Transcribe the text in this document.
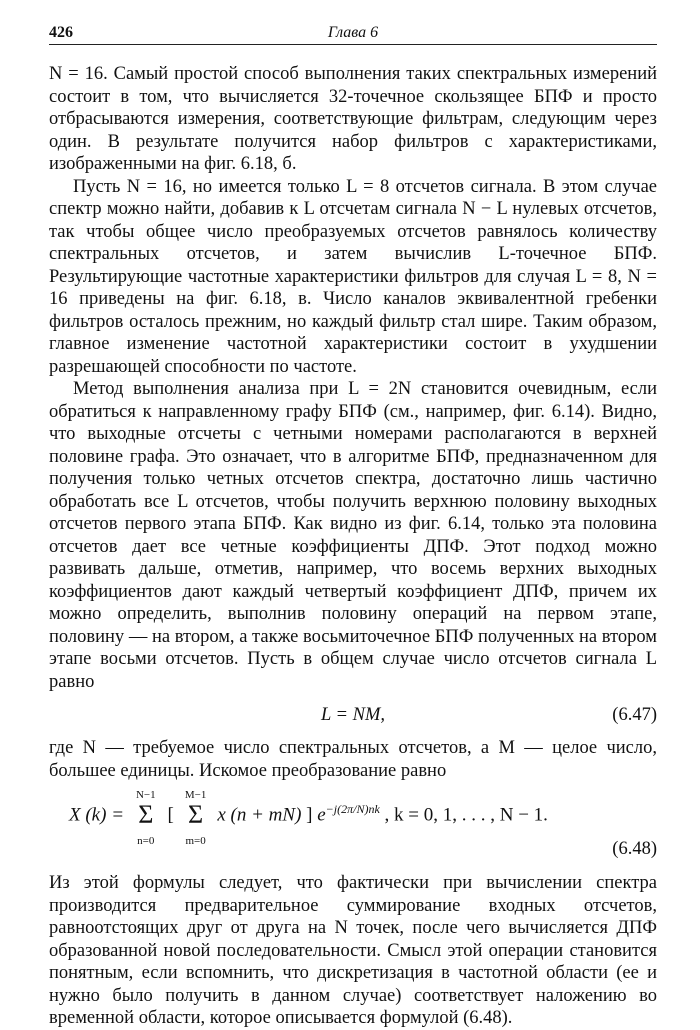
426	Глава 6

N = 16. Самый простой способ выполнения таких спектральных измерений состоит в том, что вычисляется 32-точечное скользящее БПФ и просто отбрасываются измерения, соответствующие фильтрам, следующим через один. В результате получится набор фильтров с характеристиками, изображенными на фиг. 6.18, б.

Пусть N = 16, но имеется только L = 8 отсчетов сигнала. В этом случае спектр можно найти, добавив к L отсчетам сигнала N − L нулевых отсчетов, так чтобы общее число преобразуемых отсчетов равнялось количеству спектральных отсчетов, и затем вычислив L-точечное БПФ. Результирующие частотные характеристики фильтров для случая L = 8, N = 16 приведены на фиг. 6.18, в. Число каналов эквивалентной гребенки фильтров осталось прежним, но каждый фильтр стал шире. Таким образом, главное изменение частотной характеристики состоит в ухудшении разрешающей способности по частоте.

Метод выполнения анализа при L = 2N становится очевидным, если обратиться к направленному графу БПФ (см., например, фиг. 6.14). Видно, что выходные отсчеты с четными номерами располагаются в верхней половине графа. Это означает, что в алгоритме БПФ, предназначенном для получения только четных отсчетов спектра, достаточно лишь частично обработать все L отсчетов, чтобы получить верхнюю половину выходных отсчетов первого этапа БПФ. Как видно из фиг. 6.14, только эта половина отсчетов дает все четные коэффициенты ДПФ. Этот подход можно развивать дальше, отметив, например, что восемь верхних выходных коэффициентов дают каждый четвертый коэффициент ДПФ, причем их можно определить, выполнив половину операций на первом этапе, половину — на втором, а также восьмиточечное БПФ полученных на втором этапе восьми отсчетов. Пусть в общем случае число отсчетов сигнала L равно

L = NM,	(6.47)

где N — требуемое число спектральных отсчетов, а M — целое число, большее единицы. Искомое преобразование равно

X (k) =
N−1
Σ
n=0
[
M−1
Σ
m=0
x (n + mN) ] $e^{-j(2\pi/N)nk}$ , k = 0, 1, . . . , N − 1.
(6.48)

Из этой формулы следует, что фактически при вычислении спектра производится предварительное суммирование входных отсчетов, равноотстоящих друг от друга на N точек, после чего вычисляется ДПФ образованной новой последовательности. Смысл этой операции становится понятным, если вспомнить, что дискретизация в частотной области (ее и нужно было получить в данном случае) соответствует наложению во временной области, которое описывается формулой (6.48).
